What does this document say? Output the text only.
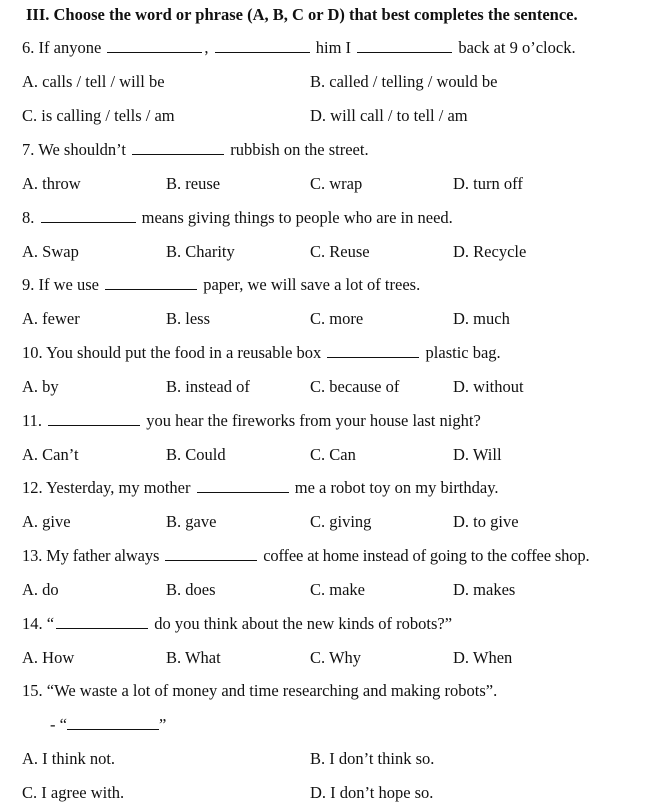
III. Choose the word or phrase (A, B, C or D) that best completes the sentence.
6. If anyone	,	him I	back at 9 o’clock.
A. calls / tell / will be	B. called / telling / would be
C. is calling / tells / am	D. will call / to tell / am
7. We shouldn’t	rubbish on the street.
A. throw	B. reuse	C. wrap	D. turn off
8.	means giving things to people who are in need.
A. Swap	B. Charity	C. Reuse	D. Recycle
9. If we use	paper, we will save a lot of trees.
A. fewer	B. less	C. more	D. much
10. You should put the food in a reusable box	plastic bag.
A. by	B. instead of	C. because of	D. without
11.	you hear the fireworks from your house last night?
A. Can’t	B. Could	C. Can	D. Will
12. Yesterday, my mother	me a robot toy on my birthday.
A. give	B. gave	C. giving	D. to give
13. My father always	coffee at home instead of going to the coffee shop.
A. do	B. does	C. make	D. makes
14. “	do you think about the new kinds of robots?”
A. How	B. What	C. Why	D. When
15. “We waste a lot of money and time researching and making robots”.
- “	”
A. I think not.	B. I don’t think so.
C. I agree with.	D. I don’t hope so.
